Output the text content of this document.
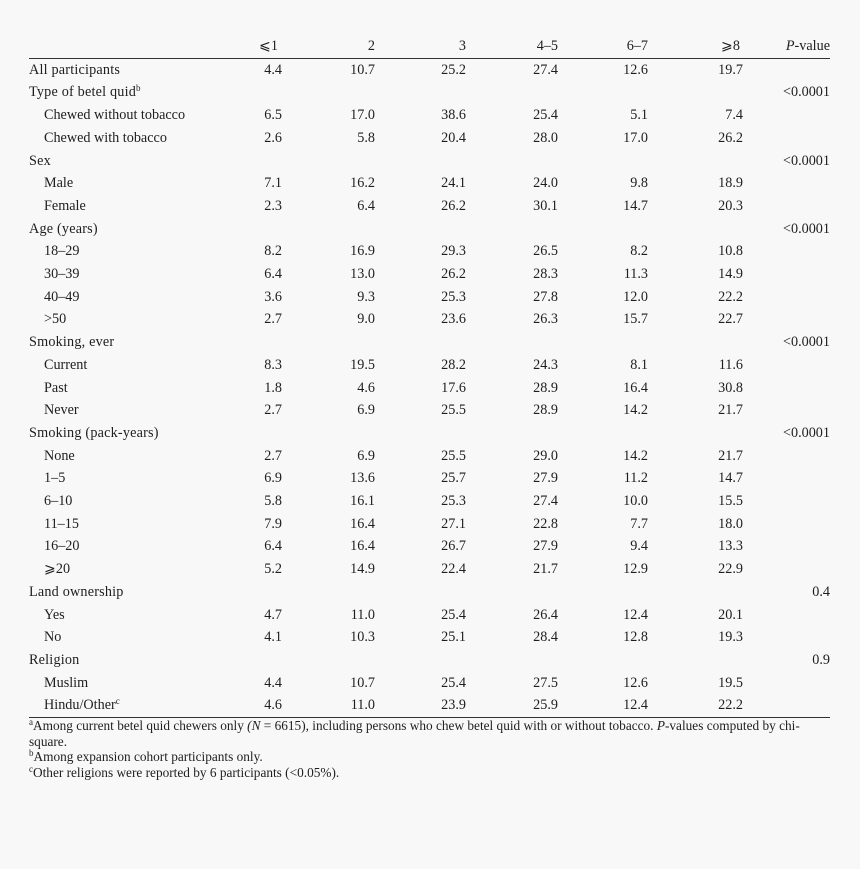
	⩽1	2	3	4–5	6–7	⩾8	P-value
All participants	4.4	10.7	25.2	27.4	12.6	19.7	
Type of betel quid$^b$							<0.0001
Chewed without tobacco	6.5	17.0	38.6	25.4	5.1	7.4	
Chewed with tobacco	2.6	5.8	20.4	28.0	17.0	26.2	
Sex							<0.0001
Male	7.1	16.2	24.1	24.0	9.8	18.9	
Female	2.3	6.4	26.2	30.1	14.7	20.3	
Age (years)							<0.0001
18–29	8.2	16.9	29.3	26.5	8.2	10.8	
30–39	6.4	13.0	26.2	28.3	11.3	14.9	
40–49	3.6	9.3	25.3	27.8	12.0	22.2	
>50	2.7	9.0	23.6	26.3	15.7	22.7	
Smoking, ever							<0.0001
Current	8.3	19.5	28.2	24.3	8.1	11.6	
Past	1.8	4.6	17.6	28.9	16.4	30.8	
Never	2.7	6.9	25.5	28.9	14.2	21.7	
Smoking (pack-years)							<0.0001
None	2.7	6.9	25.5	29.0	14.2	21.7	
1–5	6.9	13.6	25.7	27.9	11.2	14.7	
6–10	5.8	16.1	25.3	27.4	10.0	15.5	
11–15	7.9	16.4	27.1	22.8	7.7	18.0	
16–20	6.4	16.4	26.7	27.9	9.4	13.3	
⩾20	5.2	14.9	22.4	21.7	12.9	22.9	
Land ownership							0.4
Yes	4.7	11.0	25.4	26.4	12.4	20.1	
No	4.1	10.3	25.1	28.4	12.8	19.3	
Religion							0.9
Muslim	4.4	10.7	25.4	27.5	12.6	19.5	
Hindu/Other$^c$	4.6	11.0	23.9	25.9	12.4	22.2	

$^a$Among current betel quid chewers only (N = 6615), including persons who chew betel quid with or without tobacco. P-values computed by chi-square.

$^b$Among expansion cohort participants only.

$^c$Other religions were reported by 6 participants (<0.05%).
